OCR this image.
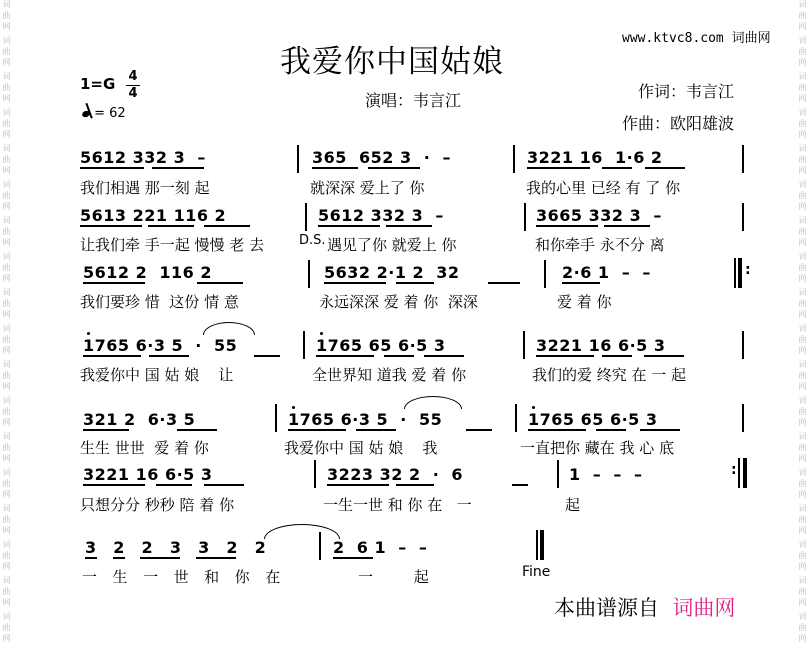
词
曲
网
词
曲
网
词
曲
网
词
曲
网
词
曲
网
词
曲
网
词
曲
网
词
曲
网
词
曲
网
词
曲
网
词
曲
网
词
曲
网
词
曲
网
词
曲
网
词
曲
网
词
曲
网
词
曲
网
词
曲
网
词
曲
网
词
曲
网
词
曲
网
词
曲
网
词
曲
网
词
曲
网
词
曲
网
词
曲
网
词
曲
网
词
曲
网
词
曲
网
词
曲
网
词
曲
网
词
曲
网
词
曲
网
词
曲
网
词
曲
网
词
曲
网
www.ktvc8.com 词曲网
我爱你中国姑娘
1=G 4
4
= 62
演唱：韦言江	作词：韦言江
作曲：欧阳雄波
5612 332 3  –	365  652 3  ·  –	3221 16  1·6 2
我们相遇 那一刻 起	就深深 爱上了 你	我的心里 已经 有 了 你
5613 221 116 2	5612 332 3  –	3665 332 3  –
让我们牵 手一起 慢慢 老 去	D.S. 遇见了你 就爱上 你	和你牵手 永不分 离
5612 2  116 2	5632 2·1 2  32	2·6 1  –  –
我们要珍 惜  这份 情 意	永远深深 爱 着 你  深深	爱 着 你
:
1765 6·3 5  ·  55	1765 65 6·5 3	3221 16 6·5 3
我爱你中 国 姑 娘    让	全世界知 道我 爱 着 你	我们的爱 终究 在 一 起
321 2  6·3 5	1765 6·3 5  ·  55	1765 65 6·5 3
生生 世世  爱 着 你	我爱你中 国 姑 娘    我	一直把你 藏在 我 心 底
3221 16 6·5 3	3223 32 2  ·  6	1  –  –  –
只想分分 秒秒 陪 着 你	一生一世 和 你 在   一	起
:
3  2  2  3  3  2  2	2  6 1  –  –
一  生  一  世  和  你  在	一 起	Fine
本曲谱源自 词曲网
